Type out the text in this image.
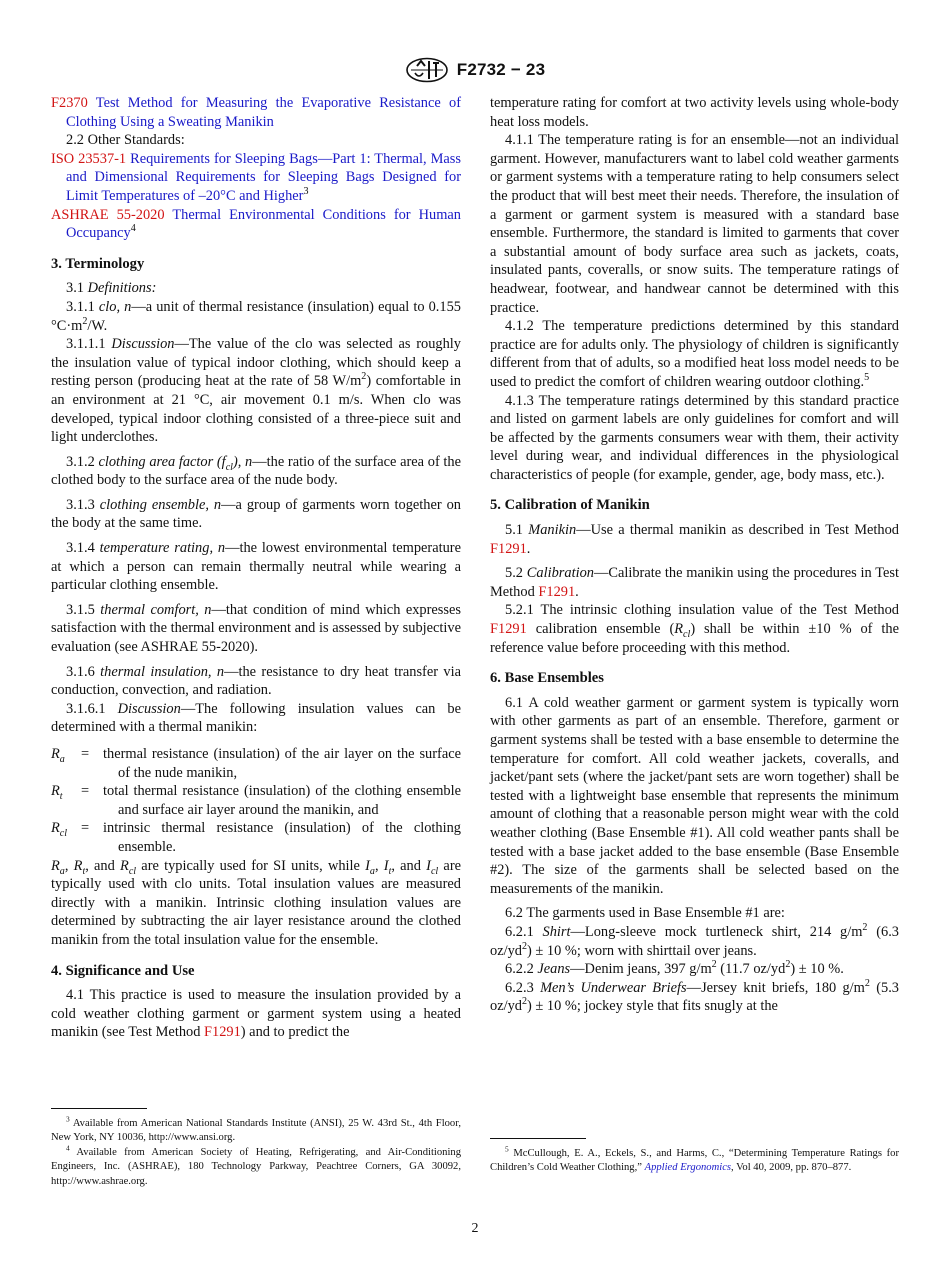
F2732 − 23

F2370 Test Method for Measuring the Evaporative Resistance of Clothing Using a Sweating Manikin

2.2 Other Standards:

ISO 23537-1 Requirements for Sleeping Bags—Part 1: Thermal, Mass and Dimensional Requirements for Sleeping Bags Designed for Limit Temperatures of –20°C and Higher$^3$

ASHRAE 55-2020 Thermal Environmental Conditions for Human Occupancy$^4$

3. Terminology

3.1 Definitions:

3.1.1 clo, n—a unit of thermal resistance (insulation) equal to 0.155 $^\circ C\cdot m^2/W$.

3.1.1.1 Discussion—The value of the clo was selected as roughly the insulation value of typical indoor clothing, which should keep a resting person (producing heat at the rate of 58 $W/m^2$) comfortable in an environment at 21 °C, air movement 0.1 m/s. When clo was developed, typical indoor clothing consisted of a three-piece suit and light underclothes.

3.1.2 clothing area factor $(f_{cl})$, n—the ratio of the surface area of the clothed body to the surface area of the nude body.

3.1.3 clothing ensemble, n—a group of garments worn together on the body at the same time.

3.1.4 temperature rating, n—the lowest environmental temperature at which a person can remain thermally neutral while wearing a particular clothing ensemble.

3.1.5 thermal comfort, n—that condition of mind which expresses satisfaction with the thermal environment and is assessed by subjective evaluation (see ASHRAE 55-2020).

3.1.6 thermal insulation, n—the resistance to dry heat transfer via conduction, convection, and radiation.

3.1.6.1 Discussion—The following insulation values can be determined with a thermal manikin:

$R_a$	= thermal resistance (insulation) of the air layer on the surface of the nude manikin,
$R_t$	= total thermal resistance (insulation) of the clothing ensemble and surface air layer around the manikin, and
$R_{cl}$ = intrinsic thermal resistance (insulation) of the clothing ensemble.

$R_a$, $R_t$, and $R_{cl}$ are typically used for SI units, while $I_a$, $I_t$, and $I_{cl}$ are typically used with clo units. Total insulation values are measured directly with a manikin. Intrinsic clothing insulation values are determined by subtracting the air layer resistance around the clothed manikin from the total insulation value for the ensemble.

4. Significance and Use

4.1 This practice is used to measure the insulation provided by a cold weather clothing garment or garment system using a heated manikin (see Test Method F1291) and to predict the

temperature rating for comfort at two activity levels using whole-body heat loss models.

4.1.1 The temperature rating is for an ensemble—not an individual garment. However, manufacturers want to label cold weather garments or garment systems with a temperature rating to help consumers select the product that will best meet their needs. Therefore, the insulation of a garment or garment system is measured with a standard base ensemble. Furthermore, the standard is limited to garments that cover a substantial amount of body surface area such as jackets, coats, insulated pants, coveralls, or snow suits. The temperature ratings of headwear, footwear, and handwear cannot be determined with this practice.

4.1.2 The temperature predictions determined by this standard practice are for adults only. The physiology of children is significantly different from that of adults, so a modified heat loss model needs to be used to predict the comfort of children wearing outdoor clothing.$^5$

4.1.3 The temperature ratings determined by this standard practice and listed on garment labels are only guidelines for comfort and will be affected by the garments consumers wear with them, their activity level during wear, and individual differences in the physiological characteristics of people (for example, gender, age, body mass, etc.).

5. Calibration of Manikin

5.1 Manikin—Use a thermal manikin as described in Test Method F1291.

5.2 Calibration—Calibrate the manikin using the procedures in Test Method F1291.

5.2.1 The intrinsic clothing insulation value of the Test Method F1291 calibration ensemble $(R_{cl})$ shall be within ±10 % of the reference value before proceeding with this method.

6. Base Ensembles

6.1 A cold weather garment or garment system is typically worn with other garments as part of an ensemble. Therefore, garment or garment systems shall be tested with a base ensemble to determine the temperature for comfort. All cold weather jackets, coveralls, and jacket/pant sets (where the jacket/pant sets are worn together) shall be tested with a lightweight base ensemble that represents the minimum amount of clothing that a reasonable person might wear with the cold weather clothing (Base Ensemble #1). All cold weather pants shall be tested with a base jacket added to the base ensemble (Base Ensemble #2). The size of the garments shall be selected based on the measurements of the manikin.

6.2 The garments used in Base Ensemble #1 are:

6.2.1 Shirt—Long-sleeve mock turtleneck shirt, 214 $g/m^2$ (6.3 $oz/yd^2) \pm 10$ %; worn with shirttail over jeans.

6.2.2 Jeans—Denim jeans, 397 $g/m^2$ (11.7 $oz/yd^2) \pm 10$ %.

6.2.3 Men’s Underwear Briefs—Jersey knit briefs, 180 $g/m^2$ (5.3 $oz/yd^2) \pm 10$ %; jockey style that fits snugly at the

$^3$ Available from American National Standards Institute (ANSI), 25 W. 43rd St., 4th Floor, New York, NY 10036, http://www.ansi.org.

$^4$ Available from American Society of Heating, Refrigerating, and Air-Conditioning Engineers, Inc. (ASHRAE), 180 Technology Parkway, Peachtree Corners, GA 30092, http://www.ashrae.org.

$^5$ McCullough, E. A., Eckels, S., and Harms, C., “Determining Temperature Ratings for Children’s Cold Weather Clothing,” Applied Ergonomics, Vol 40, 2009, pp. 870–877.

2
